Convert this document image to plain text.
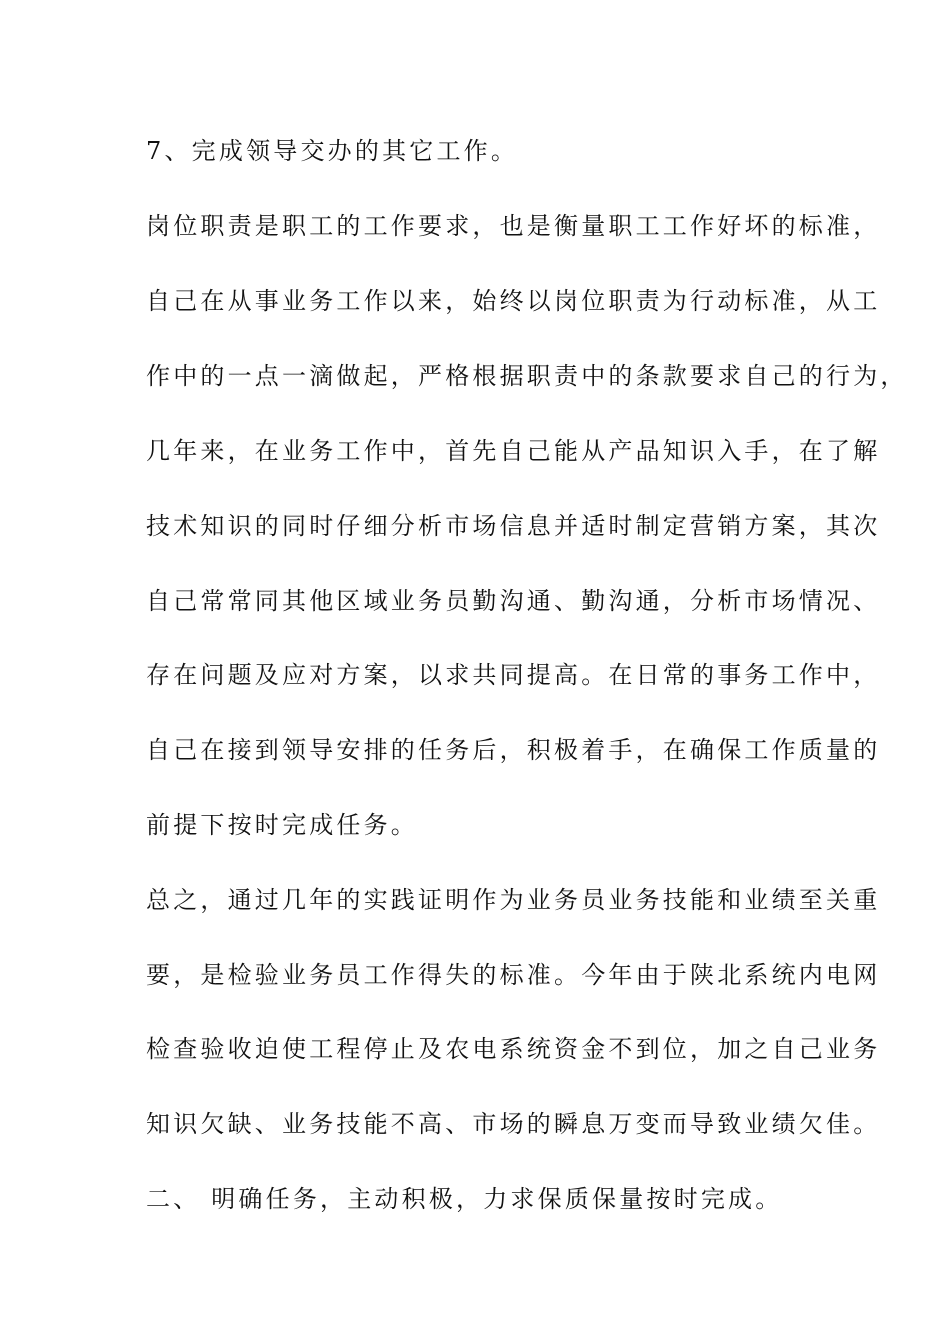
7、完成领导交办的其它工作。
岗位职责是职工的工作要求，也是衡量职工工作好坏的标准，
自己在从事业务工作以来，始终以岗位职责为行动标准，从工
作中的一点一滴做起，严格根据职责中的条款要求自己的行为，
几年来，在业务工作中，首先自己能从产品知识入手，在了解
技术知识的同时仔细分析市场信息并适时制定营销方案，其次
自己常常同其他区域业务员勤沟通、勤沟通，分析市场情况、
存在问题及应对方案，以求共同提高。在日常的事务工作中，
自己在接到领导安排的任务后，积极着手，在确保工作质量的
前提下按时完成任务。
总之，通过几年的实践证明作为业务员业务技能和业绩至关重
要，是检验业务员工作得失的标准。今年由于陕北系统内电网
检查验收迫使工程停止及农电系统资金不到位，加之自己业务
知识欠缺、业务技能不高、市场的瞬息万变而导致业绩欠佳。
二、 明确任务，主动积极，力求保质保量按时完成。
